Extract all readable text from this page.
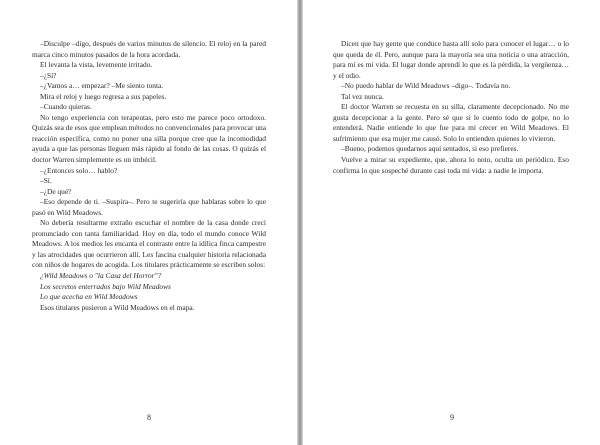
–Disculpe –digo, después de varios minutos de silencio. El reloj en la pared marca cinco minutos pasados de la hora acordada.

El levanta la vista, levemente irritado.

–¿Sí?

–¿Vamos a… empezar? –Me siento tonta.

Mira el reloj y luego regresa a sus papeles.

–Cuando quieras.

No tengo experiencia con terapeutas, pero esto me parece poco ortodoxo. Quizás sea de esos que emplean métodos no convencionales para provocar una reacción específica, como no poner una silla porque cree que la incomodidad ayuda a que las personas lleguen más rápido al fondo de las cosas. O quizás el doctor Warren simplemente es un imbécil.

–¿Entonces solo… hablo?

–Sí.

–¿De qué?

–Eso depende de ti. –Suspira–. Pero te sugeriría que hablaras sobre lo que pasó en Wild Meadows.

No debería resultarme extraño escuchar el nombre de la casa donde crecí pronunciado con tanta familiaridad. Hoy en día, todo el mundo conoce Wild Meadows. A los medios les encanta el contraste entre la idílica finca campestre y las atrocidades que ocurrieron allí. Les fascina cualquier historia relacionada con niños de hogares de acogida. Los titulares prácticamente se escriben solos:

¿Wild Meadows o "la Casa del Horror"?

Los secretos enterrados bajo Wild Meadows

Lo que acecha en Wild Meadows

Esos titulares pusieron a Wild Meadows en el mapa.

8

Dicen que hay gente que conduce hasta allí solo para conocer el lugar… o lo que queda de él. Pero, aunque para la mayoría sea una noticia o una atracción, para mí es mi vida. El lugar donde aprendí lo que es la pérdida, la vergüenza… y el odio.

–No puedo hablar de Wild Meadows –digo–. Todavía no.

Tal vez nunca.

El doctor Warren se recuesta en su silla, claramente decepcionado. No me gusta decepcionar a la gente. Pero sé que si le cuento todo de golpe, no lo entenderá. Nadie entiende lo que fue para mí crecer en Wild Meadows. El sufrimiento que esa mujer me causó. Solo lo entienden quienes lo vivieron.

–Bueno, podemos quedarnos aquí sentados, si eso prefieres.

Vuelve a mirar su expediente, que, ahora lo noto, oculta un periódico. Eso confirma lo que sospeché durante casi toda mi vida: a nadie le importa.

9
